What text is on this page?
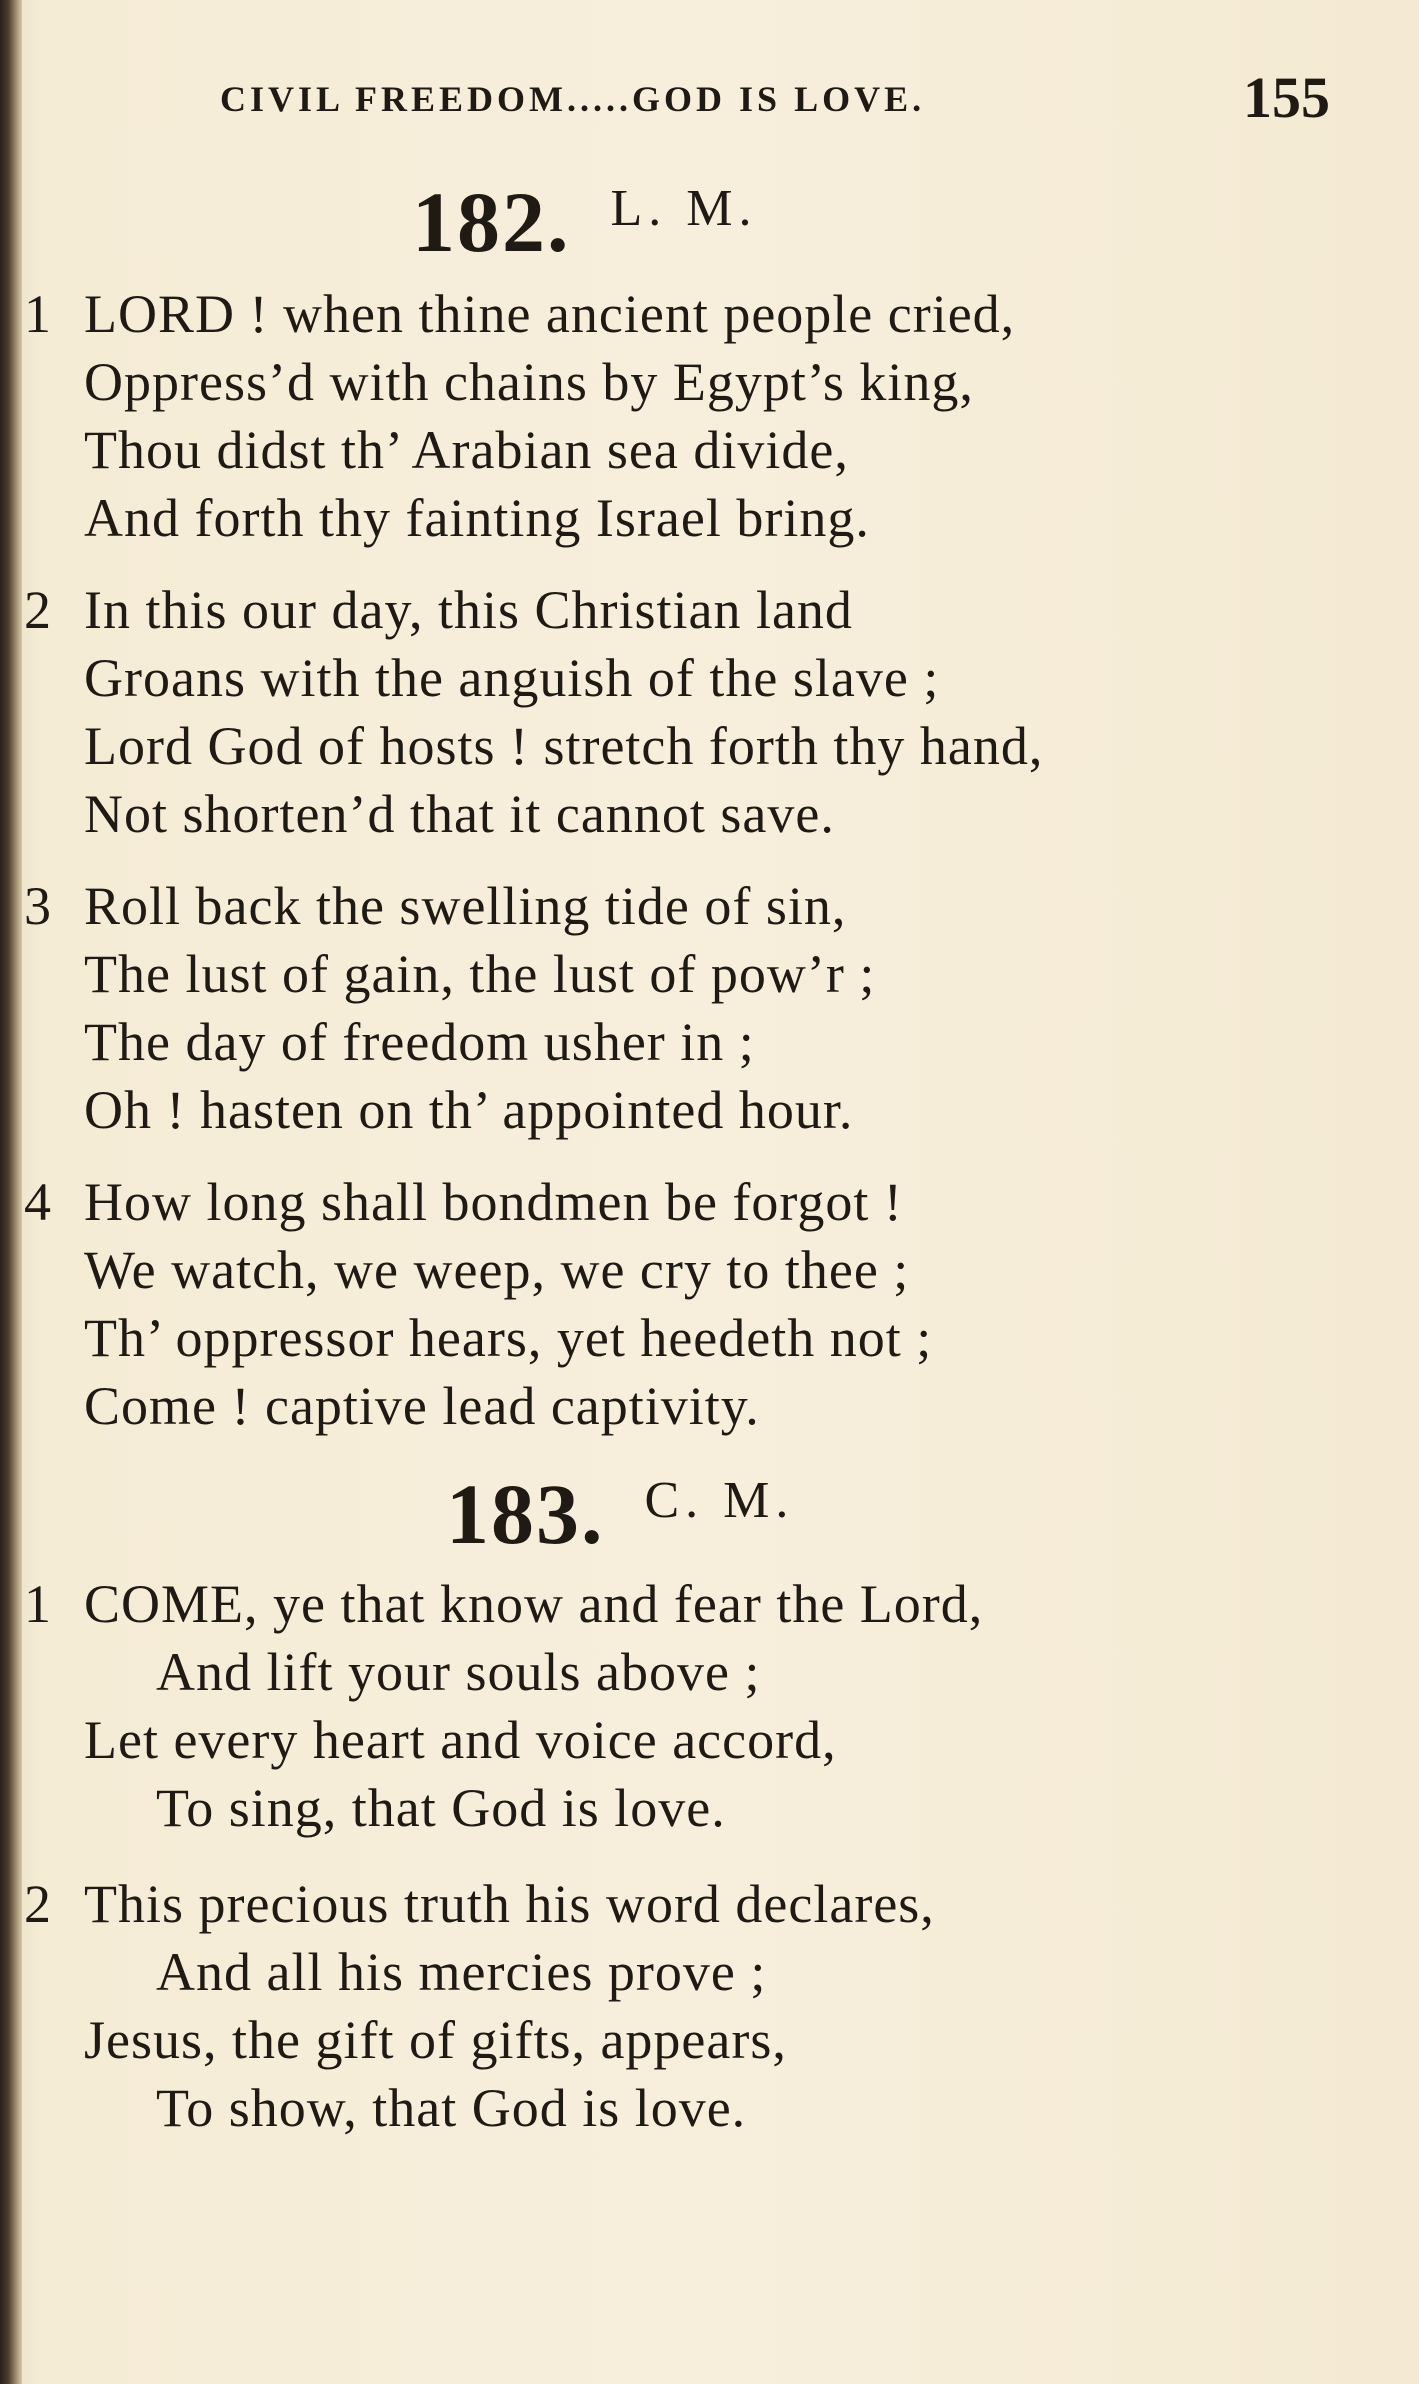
CIVIL FREEDOM.....GOD IS LOVE.	155
182. L. M.
1 LORD ! when thine ancient people cried,
Oppress’d with chains by Egypt’s king,
Thou didst th’ Arabian sea divide,
And forth thy fainting Israel bring.
2 In this our day, this Christian land
Groans with the anguish of the slave ;
Lord God of hosts ! stretch forth thy hand,
Not shorten’d that it cannot save.
3 Roll back the swelling tide of sin,
The lust of gain, the lust of pow’r ;
The day of freedom usher in ;
Oh ! hasten on th’ appointed hour.
4 How long shall bondmen be forgot !
We watch, we weep, we cry to thee ;
Th’ oppressor hears, yet heedeth not ;
Come ! captive lead captivity.
183. C. M.
1 COME, ye that know and fear the Lord,
And lift your souls above ;
Let every heart and voice accord,
To sing, that God is love.
2 This precious truth his word declares,
And all his mercies prove ;
Jesus, the gift of gifts, appears,
To show, that God is love.
